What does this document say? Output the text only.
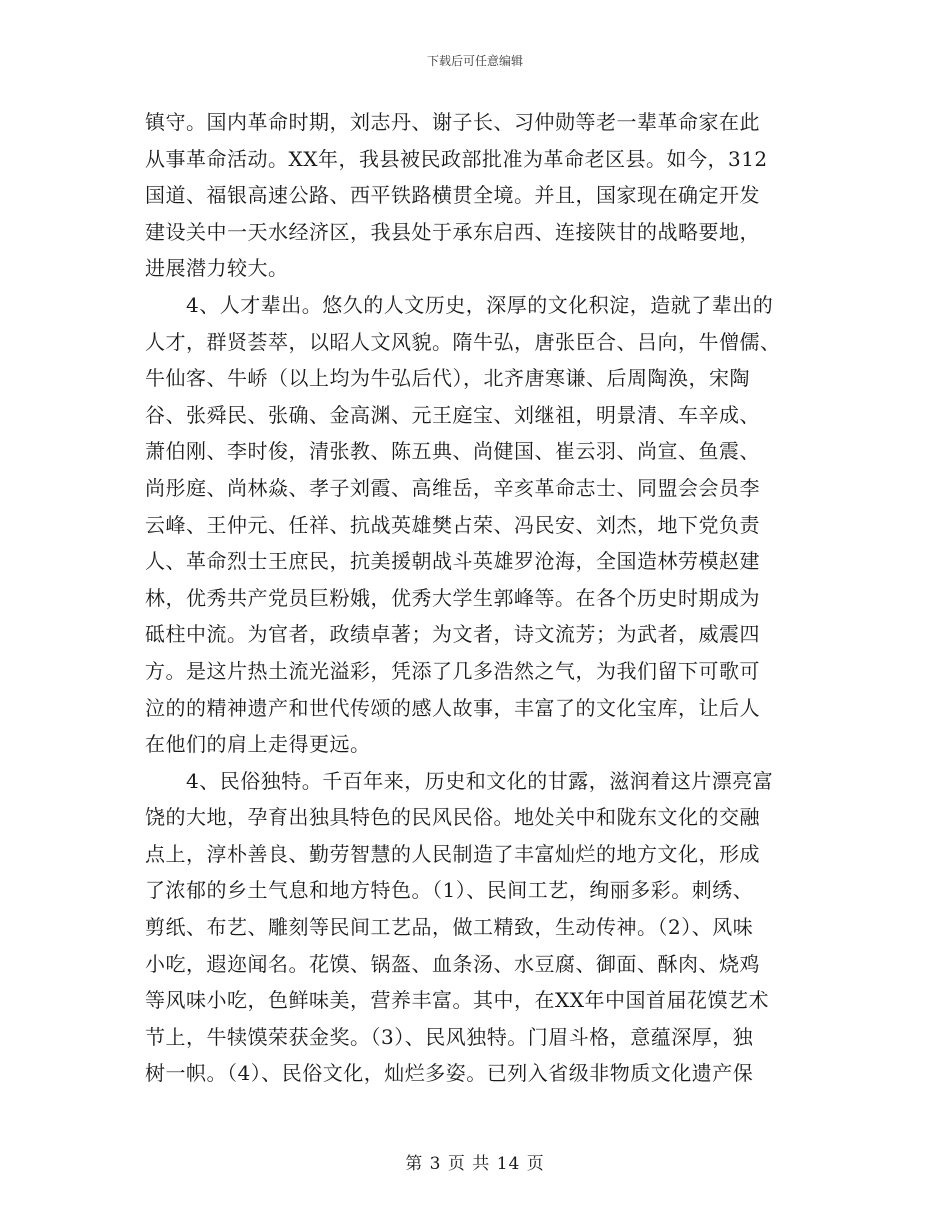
下载后可任意编辑
镇守。国内革命时期，刘志丹、谢子长、习仲勋等老一辈革命家在此
从事革命活动。XX年，我县被民政部批准为革命老区县。如今，312
国道、福银高速公路、西平铁路横贯全境。并且，国家现在确定开发
建设关中一天水经济区，我县处于承东启西、连接陕甘的战略要地，
进展潜力较大。
4、人才辈出。悠久的人文历史，深厚的文化积淀，造就了辈出的
人才，群贤荟萃，以昭人文风貌。隋牛弘，唐张臣合、吕向，牛僧儒、
牛仙客、牛峤（以上均为牛弘后代），北齐唐寒谦、后周陶涣，宋陶
谷、张舜民、张确、金高渊、元王庭宝、刘继祖，明景清、车辛成、
萧伯刚、李时俊，清张教、陈五典、尚健国、崔云羽、尚宣、鱼震、
尚彤庭、尚林焱、孝子刘霞、高维岳，辛亥革命志士、同盟会会员李
云峰、王仲元、任祥、抗战英雄樊占荣、冯民安、刘杰，地下党负责
人、革命烈士王庶民，抗美援朝战斗英雄罗沧海，全国造林劳模赵建
林，优秀共产党员巨粉娥，优秀大学生郭峰等。在各个历史时期成为
砥柱中流。为官者，政绩卓著；为文者，诗文流芳；为武者，威震四
方。是这片热土流光溢彩，凭添了几多浩然之气，为我们留下可歌可
泣的的精神遗产和世代传颂的感人故事，丰富了的文化宝库，让后人
在他们的肩上走得更远。
4、民俗独特。千百年来，历史和文化的甘露，滋润着这片漂亮富
饶的大地，孕育出独具特色的民风民俗。地处关中和陇东文化的交融
点上，淳朴善良、勤劳智慧的人民制造了丰富灿烂的地方文化，形成
了浓郁的乡土气息和地方特色。（1）、民间工艺，绚丽多彩。刺绣、
剪纸、布艺、雕刻等民间工艺品，做工精致，生动传神。（2）、风味
小吃，遐迩闻名。花馍、锅盔、血条汤、水豆腐、御面、酥肉、烧鸡
等风味小吃，色鲜味美，营养丰富。其中，在XX年中国首届花馍艺术
节上，牛犊馍荣获金奖。（3）、民风独特。门眉斗格，意蕴深厚，独
树一帜。（4）、民俗文化，灿烂多姿。已列入省级非物质文化遗产保
第 3 页 共 14 页
